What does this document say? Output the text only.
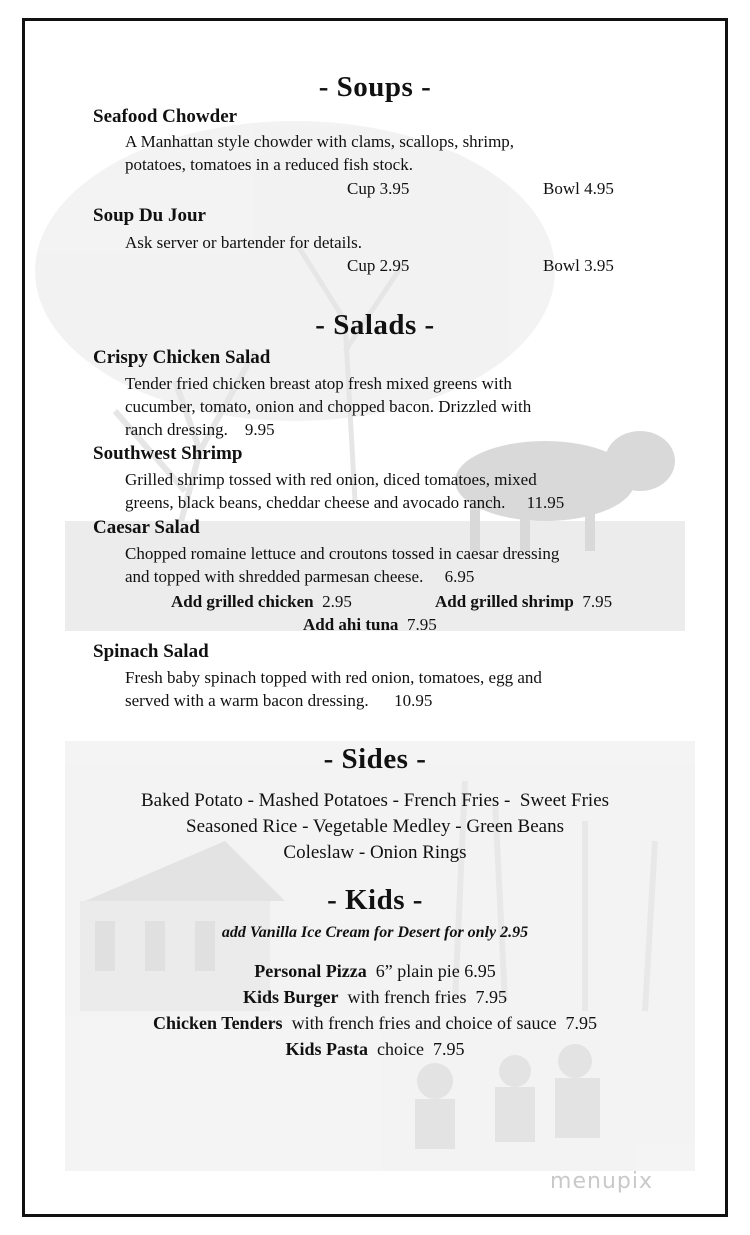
- Soups -
Seafood Chowder
A Manhattan style chowder with clams, scallops, shrimp,
potatoes, tomatoes in a reduced fish stock.
Cup 3.95	Bowl 4.95
Soup Du Jour
Ask server or bartender for details.
Cup 2.95	Bowl 3.95
- Salads -
Crispy Chicken Salad
Tender fried chicken breast atop fresh mixed greens with
cucumber, tomato, onion and chopped bacon. Drizzled with
ranch dressing.    9.95
Southwest Shrimp
Grilled shrimp tossed with red onion, diced tomatoes, mixed
greens, black beans, cheddar cheese and avocado ranch.     11.95
Caesar Salad
Chopped romaine lettuce and croutons tossed in caesar dressing
and topped with shredded parmesan cheese.     6.95
Add grilled chicken 2.95	Add grilled shrimp 7.95
Add ahi tuna 7.95
Spinach Salad
Fresh baby spinach topped with red onion, tomatoes, egg and
served with a warm bacon dressing.      10.95
- Sides -
Baked Potato - Mashed Potatoes - French Fries -  Sweet Fries
Seasoned Rice - Vegetable Medley - Green Beans
Coleslaw - Onion Rings
- Kids -
add Vanilla Ice Cream for Desert for only 2.95
Personal Pizza 6” plain pie 6.95
Kids Burger with french fries  7.95
Chicken Tenders with french fries and choice of sauce  7.95
Kids Pasta choice  7.95
menupix
